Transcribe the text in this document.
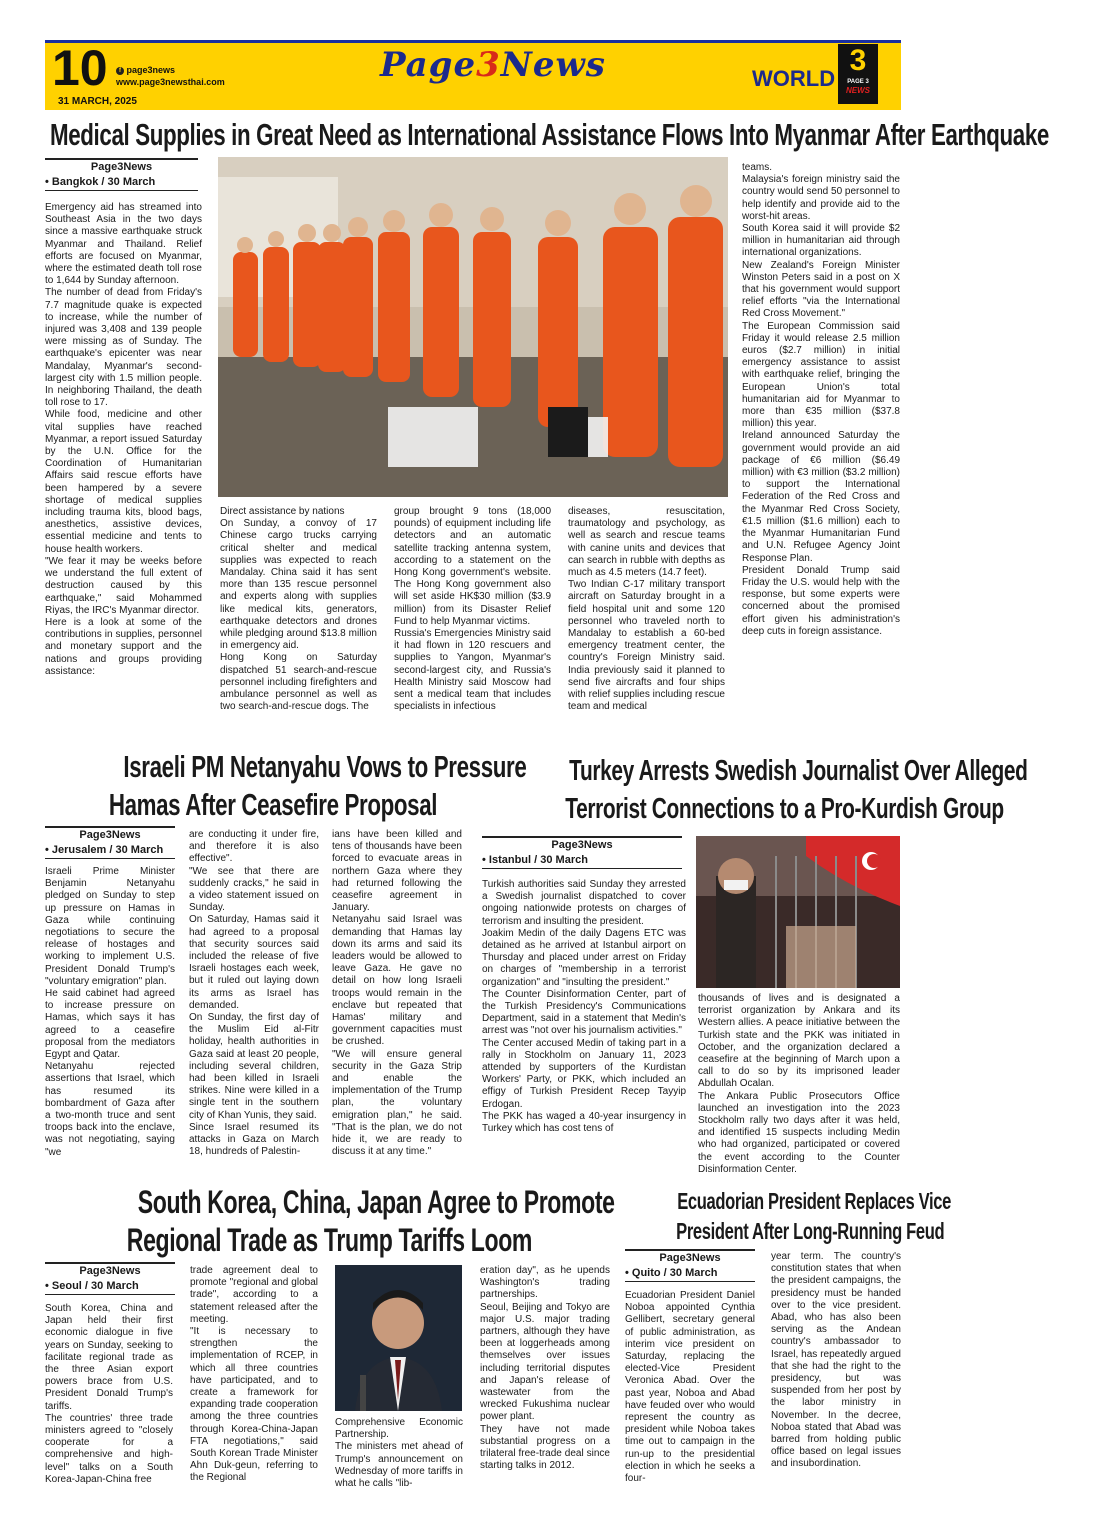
10	f page3news
www.page3newsthai.com
31 MARCH, 2025
Page3News	WORLD
3
PAGE 3
NEWS
Medical Supplies in Great Need as International Assistance Flows Into Myanmar After Earthquake
Page3News
• Bangkok / 30 March
Emergency aid has streamed into Southeast Asia in the two days since a massive earthquake struck Myanmar and Thailand. Relief efforts are focused on Myanmar, where the estimated death toll rose to 1,644 by Sunday afternoon.
The number of dead from Friday's 7.7 magnitude quake is expected to increase, while the number of injured was 3,408 and 139 people were missing as of Sunday. The earthquake's epicenter was near Mandalay, Myanmar's second-largest city with 1.5 million people. In neighboring Thailand, the death toll rose to 17.
While food, medicine and other vital supplies have reached Myanmar, a report issued Saturday by the U.N. Office for the Coordination of Humanitarian Affairs said rescue efforts have been hampered by a severe shortage of medical supplies including trauma kits, blood bags, anesthetics, assistive devices, essential medicine and tents to house health workers.
"We fear it may be weeks before we understand the full extent of destruction caused by this earthquake," said Mohammed Riyas, the IRC's Myanmar director.
Here is a look at some of the contributions in supplies, personnel and monetary support and the nations and groups providing assistance:
Direct assistance by nations
On Sunday, a convoy of 17 Chinese cargo trucks carrying critical shelter and medical supplies was expected to reach Mandalay. China said it has sent more than 135 rescue personnel and experts along with supplies like medical kits, generators, earthquake detectors and drones while pledging around $13.8 million in emergency aid.
Hong Kong on Saturday dispatched 51 search-and-rescue personnel including firefighters and ambulance personnel as well as two search-and-rescue dogs. The
group brought 9 tons (18,000 pounds) of equipment including life detectors and an automatic satellite tracking antenna system, according to a statement on the Hong Kong government's website. The Hong Kong government also will set aside HK$30 million ($3.9 million) from its Disaster Relief Fund to help Myanmar victims.
Russia's Emergencies Ministry said it had flown in 120 rescuers and supplies to Yangon, Myanmar's second-largest city, and Russia's Health Ministry said Moscow had sent a medical team that includes specialists in infectious
diseases, resuscitation, traumatology and psychology, as well as search and rescue teams with canine units and devices that can search in rubble with depths as much as 4.5 meters (14.7 feet).
Two Indian C-17 military transport aircraft on Saturday brought in a field hospital unit and some 120 personnel who traveled north to Mandalay to establish a 60-bed emergency treatment center, the country's Foreign Ministry said. India previously said it planned to send five aircrafts and four ships with relief supplies including rescue team and medical
teams.
Malaysia's foreign ministry said the country would send 50 personnel to help identify and provide aid to the worst-hit areas.
South Korea said it will provide $2 million in humanitarian aid through international organizations.
New Zealand's Foreign Minister Winston Peters said in a post on X that his government would support relief efforts "via the International Red Cross Movement."
The European Commission said Friday it would release 2.5 million euros ($2.7 million) in initial emergency assistance to assist with earthquake relief, bringing the European Union's total humanitarian aid for Myanmar to more than €35 million ($37.8 million) this year.
Ireland announced Saturday the government would provide an aid package of €6 million ($6.49 million) with €3 million ($3.2 million) to support the International Federation of the Red Cross and the Myanmar Red Cross Society, €1.5 million ($1.6 million) each to the Myanmar Humanitarian Fund and U.N. Refugee Agency Joint Response Plan.
President Donald Trump said Friday the U.S. would help with the response, but some experts were concerned about the promised effort given his administration's deep cuts in foreign assistance.
Israeli PM Netanyahu Vows to Pressure Hamas After Ceasefire Proposal
Page3News
• Jerusalem / 30 March
Israeli Prime Minister Benjamin Netanyahu pledged on Sunday to step up pressure on Hamas in Gaza while continuing negotiations to secure the release of hostages and working to implement U.S. President Donald Trump's "voluntary emigration" plan.
He said cabinet had agreed to increase pressure on Hamas, which says it has agreed to a ceasefire proposal from the mediators Egypt and Qatar.
Netanyahu rejected assertions that Israel, which has resumed its bombardment of Gaza after a two-month truce and sent troops back into the enclave, was not negotiating, saying "we
are conducting it under fire, and therefore it is also effective".
"We see that there are suddenly cracks," he said in a video statement issued on Sunday.
On Saturday, Hamas said it had agreed to a proposal that security sources said included the release of five Israeli hostages each week, but it ruled out laying down its arms as Israel has demanded.
On Sunday, the first day of the Muslim Eid al-Fitr holiday, health authorities in Gaza said at least 20 people, including several children, had been killed in Israeli strikes. Nine were killed in a single tent in the southern city of Khan Yunis, they said.
Since Israel resumed its attacks in Gaza on March 18, hundreds of Palestin-
ians have been killed and tens of thousands have been forced to evacuate areas in northern Gaza where they had returned following the ceasefire agreement in January.
Netanyahu said Israel was demanding that Hamas lay down its arms and said its leaders would be allowed to leave Gaza. He gave no detail on how long Israeli troops would remain in the enclave but repeated that Hamas' military and government capacities must be crushed.
"We will ensure general security in the Gaza Strip and enable the implementation of the Trump plan, the voluntary emigration plan," he said. "That is the plan, we do not hide it, we are ready to discuss it at any time."
Turkey Arrests Swedish Journalist Over Alleged Terrorist Connections to a Pro-Kurdish Group
Page3News
• Istanbul / 30 March
Turkish authorities said Sunday they arrested a Swedish journalist dispatched to cover ongoing nationwide protests on charges of terrorism and insulting the president.
Joakim Medin of the daily Dagens ETC was detained as he arrived at Istanbul airport on Thursday and placed under arrest on Friday on charges of "membership in a terrorist organization" and "insulting the president."
The Counter Disinformation Center, part of the Turkish Presidency's Communications Department, said in a statement that Medin's arrest was "not over his journalism activities."
The Center accused Medin of taking part in a rally in Stockholm on January 11, 2023 attended by supporters of the Kurdistan Workers' Party, or PKK, which included an effigy of Turkish President Recep Tayyip Erdogan.
The PKK has waged a 40-year insurgency in Turkey which has cost tens of
thousands of lives and is designated a terrorist organization by Ankara and its Western allies. A peace initiative between the Turkish state and the PKK was initiated in October, and the organization declared a ceasefire at the beginning of March upon a call to do so by its imprisoned leader Abdullah Ocalan.
The Ankara Public Prosecutors Office launched an investigation into the 2023 Stockholm rally two days after it was held, and identified 15 suspects including Medin who had organized, participated or covered the event according to the Counter Disinformation Center.
South Korea, China, Japan Agree to Promote Regional Trade as Trump Tariffs Loom
Page3News
• Seoul / 30 March
South Korea, China and Japan held their first economic dialogue in five years on Sunday, seeking to facilitate regional trade as the three Asian export powers brace from U.S. President Donald Trump's tariffs.
The countries' three trade ministers agreed to "closely cooperate for a comprehensive and high-level" talks on a South Korea-Japan-China free
trade agreement deal to promote "regional and global trade", according to a statement released after the meeting.
"It is necessary to strengthen the implementation of RCEP, in which all three countries have participated, and to create a framework for expanding trade cooperation among the three countries through Korea-China-Japan FTA negotiations," said South Korean Trade Minister Ahn Duk-geun, referring to the Regional
Comprehensive Economic Partnership.
The ministers met ahead of Trump's announcement on Wednesday of more tariffs in what he calls "lib-
eration day", as he upends Washington's trading partnerships.
Seoul, Beijing and Tokyo are major U.S. major trading partners, although they have been at loggerheads among themselves over issues including territorial disputes and Japan's release of wastewater from the wrecked Fukushima nuclear power plant.
They have not made substantial progress on a trilateral free-trade deal since starting talks in 2012.
Ecuadorian President Replaces Vice President After Long-Running Feud
Page3News
• Quito / 30 March
Ecuadorian President Daniel Noboa appointed Cynthia Gellibert, secretary general of public administration, as interim vice president on Saturday, replacing the elected-Vice President Veronica Abad. Over the past year, Noboa and Abad have feuded over who would represent the country as president while Noboa takes time out to campaign in the run-up to the presidential election in which he seeks a four-
year term. The country's constitution states that when the president campaigns, the presidency must be handed over to the vice president. Abad, who has also been serving as the Andean country's ambassador to Israel, has repeatedly argued that she had the right to the presidency, but was suspended from her post by the labor ministry in November. In the decree, Noboa stated that Abad was barred from holding public office based on legal issues and insubordination.
